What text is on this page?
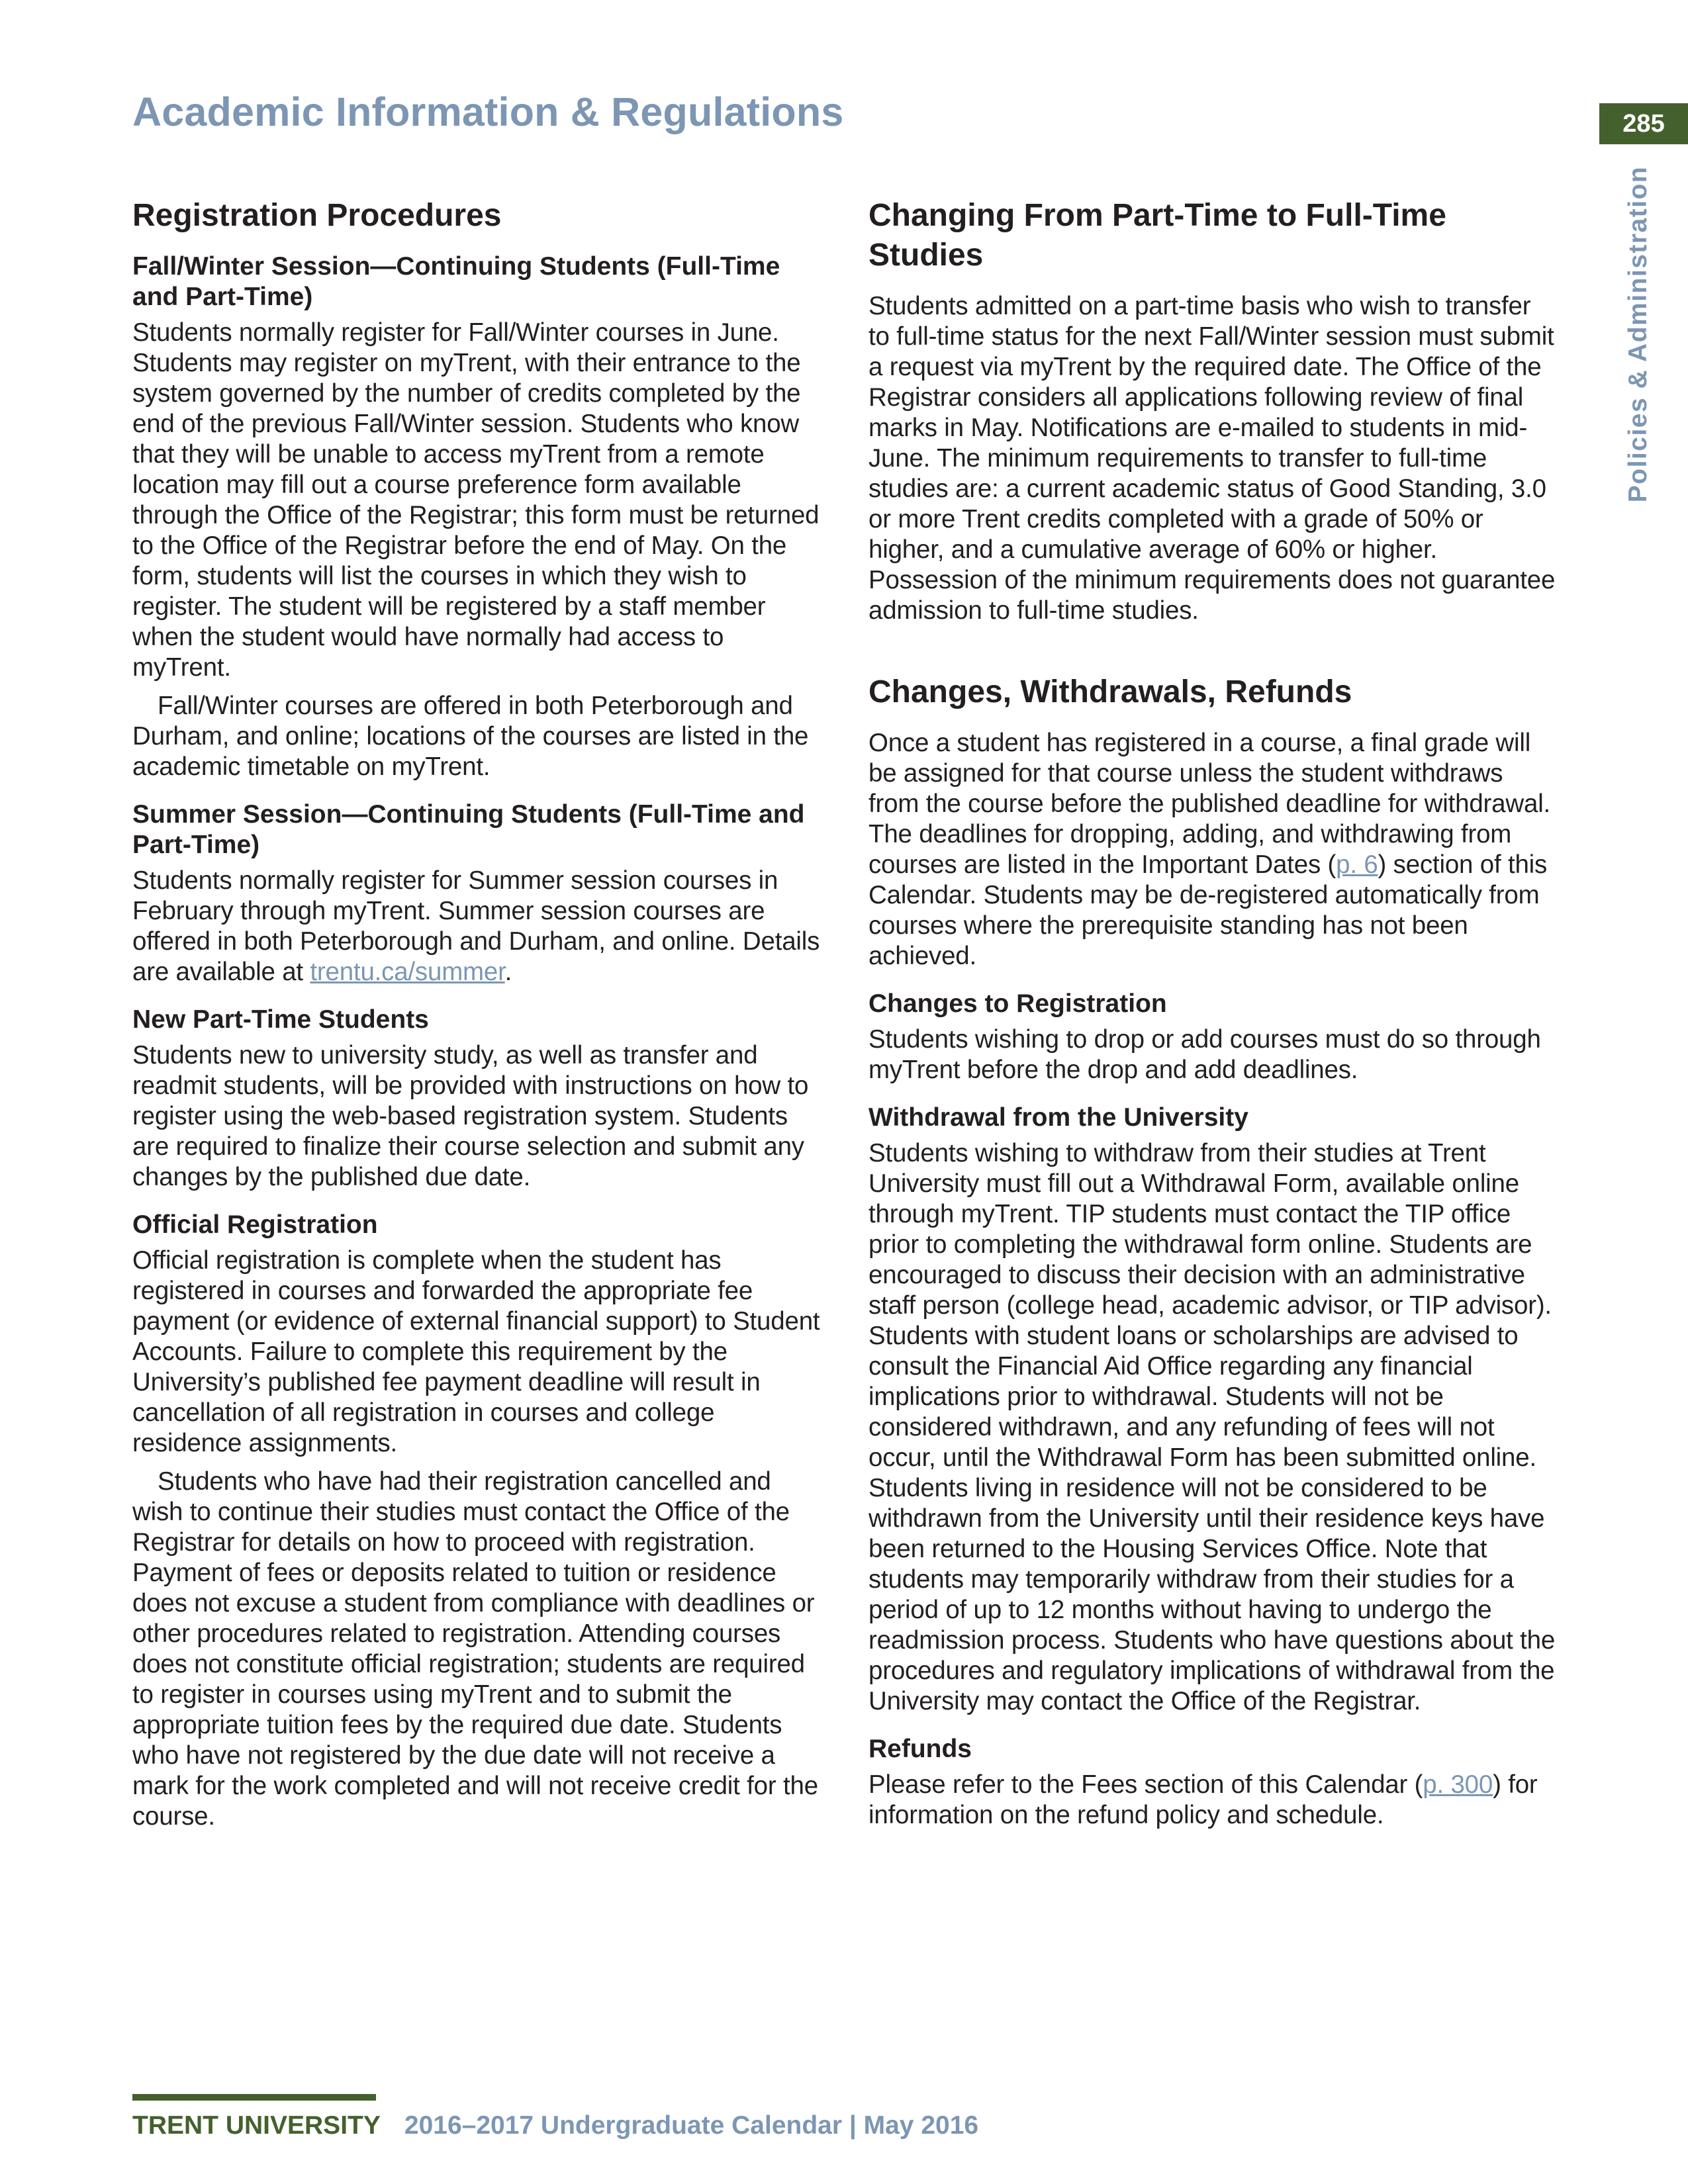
Academic Information & Regulations	285
Policies & Administration
Registration Procedures
Fall/Winter Session—Continuing Students (Full-Time and Part-Time)

Students normally register for Fall/Winter courses in June. Students may register on myTrent, with their entrance to the system governed by the number of credits completed by the end of the previous Fall/Winter session. Students who know that they will be unable to access myTrent from a remote location may fill out a course preference form available through the Office of the Registrar; this form must be returned to the Office of the Registrar before the end of May. On the form, students will list the courses in which they wish to register. The student will be registered by a staff member when the student would have normally had access to myTrent.

Fall/Winter courses are offered in both Peterborough and Durham, and online; locations of the courses are listed in the academic timetable on myTrent.

Summer Session—Continuing Students (Full-Time and Part-Time)

Students normally register for Summer session courses in February through myTrent. Summer session courses are offered in both Peterborough and Durham, and online. Details are available at trentu.ca/summer.

New Part-Time Students

Students new to university study, as well as transfer and readmit students, will be provided with instructions on how to register using the web-based registration system. Students are required to finalize their course selection and submit any changes by the published due date.

Official Registration

Official registration is complete when the student has registered in courses and forwarded the appropriate fee payment (or evidence of external financial support) to Student Accounts. Failure to complete this requirement by the University’s published fee payment deadline will result in cancellation of all registration in courses and college residence assignments.

Students who have had their registration cancelled and wish to continue their studies must contact the Office of the Registrar for details on how to proceed with registration. Payment of fees or deposits related to tuition or residence does not excuse a student from compliance with deadlines or other procedures related to registration. Attending courses does not constitute official registration; students are required to register in courses using myTrent and to submit the appropriate tuition fees by the required due date. Students who have not registered by the due date will not receive a mark for the work completed and will not receive credit for the course.

Changing From Part-Time to Full-Time Studies

Students admitted on a part-time basis who wish to transfer to full-time status for the next Fall/Winter session must submit a request via myTrent by the required date. The Office of the Registrar considers all applications following review of final marks in May. Notifications are e-mailed to students in mid-June. The minimum requirements to transfer to full-time studies are: a current academic status of Good Standing, 3.0 or more Trent credits completed with a grade of 50% or higher, and a cumulative average of 60% or higher. Possession of the minimum requirements does not guarantee admission to full-time studies.

Changes, Withdrawals, Refunds

Once a student has registered in a course, a final grade will be assigned for that course unless the student withdraws from the course before the published deadline for withdrawal. The deadlines for dropping, adding, and withdrawing from courses are listed in the Important Dates (p. 6) section of this Calendar. Students may be de-registered automatically from courses where the prerequisite standing has not been achieved.

Changes to Registration

Students wishing to drop or add courses must do so through myTrent before the drop and add deadlines.

Withdrawal from the University

Students wishing to withdraw from their studies at Trent University must fill out a Withdrawal Form, available online through myTrent. TIP students must contact the TIP office prior to completing the withdrawal form online. Students are encouraged to discuss their decision with an administrative staff person (college head, academic advisor, or TIP advisor). Students with student loans or scholarships are advised to consult the Financial Aid Office regarding any financial implications prior to withdrawal. Students will not be considered withdrawn, and any refunding of fees will not occur, until the Withdrawal Form has been submitted online. Students living in residence will not be considered to be withdrawn from the University until their residence keys have been returned to the Housing Services Office. Note that students may temporarily withdraw from their studies for a period of up to 12 months without having to undergo the readmission process. Students who have questions about the procedures and regulatory implications of withdrawal from the University may contact the Office of the Registrar.

Refunds

Please refer to the Fees section of this Calendar (p. 300) for information on the refund policy and schedule.

TRENT UNIVERSITY 2016–2017 Undergraduate Calendar | May 2016
